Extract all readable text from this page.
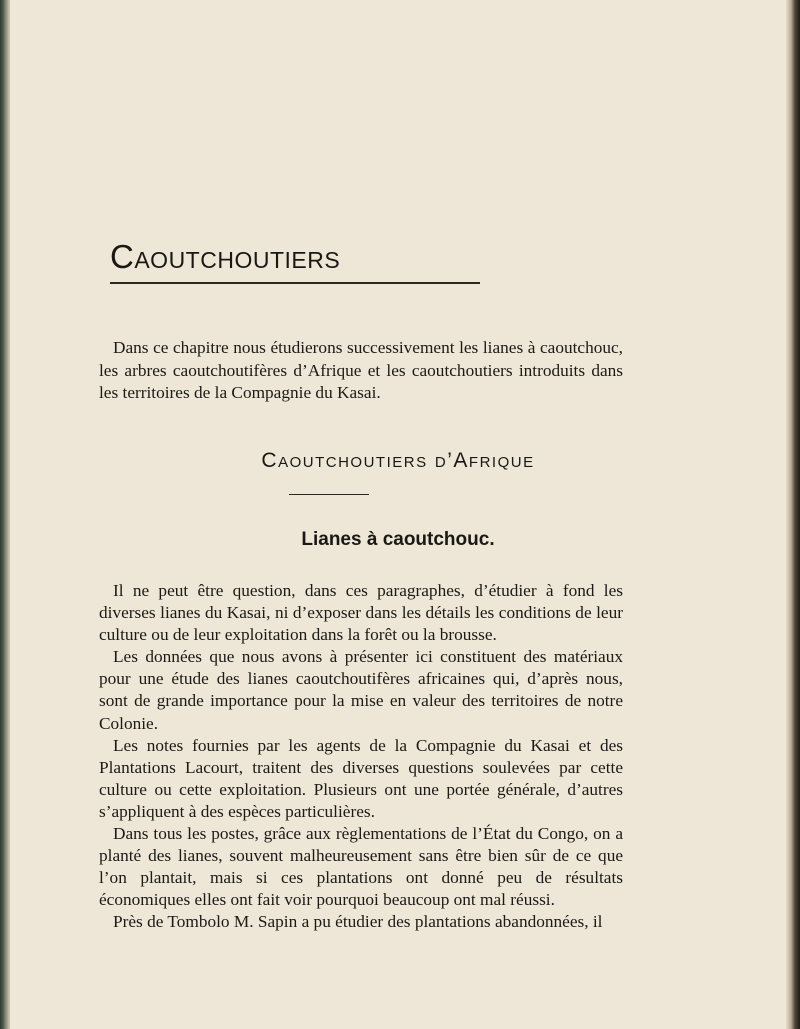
Caoutchoutiers

Dans ce chapitre nous étudierons successivement les lianes à caoutchouc, les arbres caoutchoutifères d’Afrique et les caoutchoutiers introduits dans les territoires de la Compagnie du Kasai.

Caoutchoutiers d’Afrique
Lianes à caoutchouc.

Il ne peut être question, dans ces paragraphes, d’étudier à fond les diverses lianes du Kasai, ni d’exposer dans les détails les conditions de leur culture ou de leur exploitation dans la forêt ou la brousse.

Les données que nous avons à présenter ici constituent des matériaux pour une étude des lianes caoutchoutifères africaines qui, d’après nous, sont de grande importance pour la mise en valeur des territoires de notre Colonie.

Les notes fournies par les agents de la Compagnie du Kasai et des Plantations Lacourt, traitent des diverses questions soulevées par cette culture ou cette exploitation. Plusieurs ont une portée générale, d’autres s’appliquent à des espèces particulières.

Dans tous les postes, grâce aux règlementations de l’État du Congo, on a planté des lianes, souvent malheureusement sans être bien sûr de ce que l’on plantait, mais si ces plantations ont donné peu de résultats économiques elles ont fait voir pourquoi beaucoup ont mal réussi.

Près de Tombolo M. Sapin a pu étudier des plantations abandonnées, il
